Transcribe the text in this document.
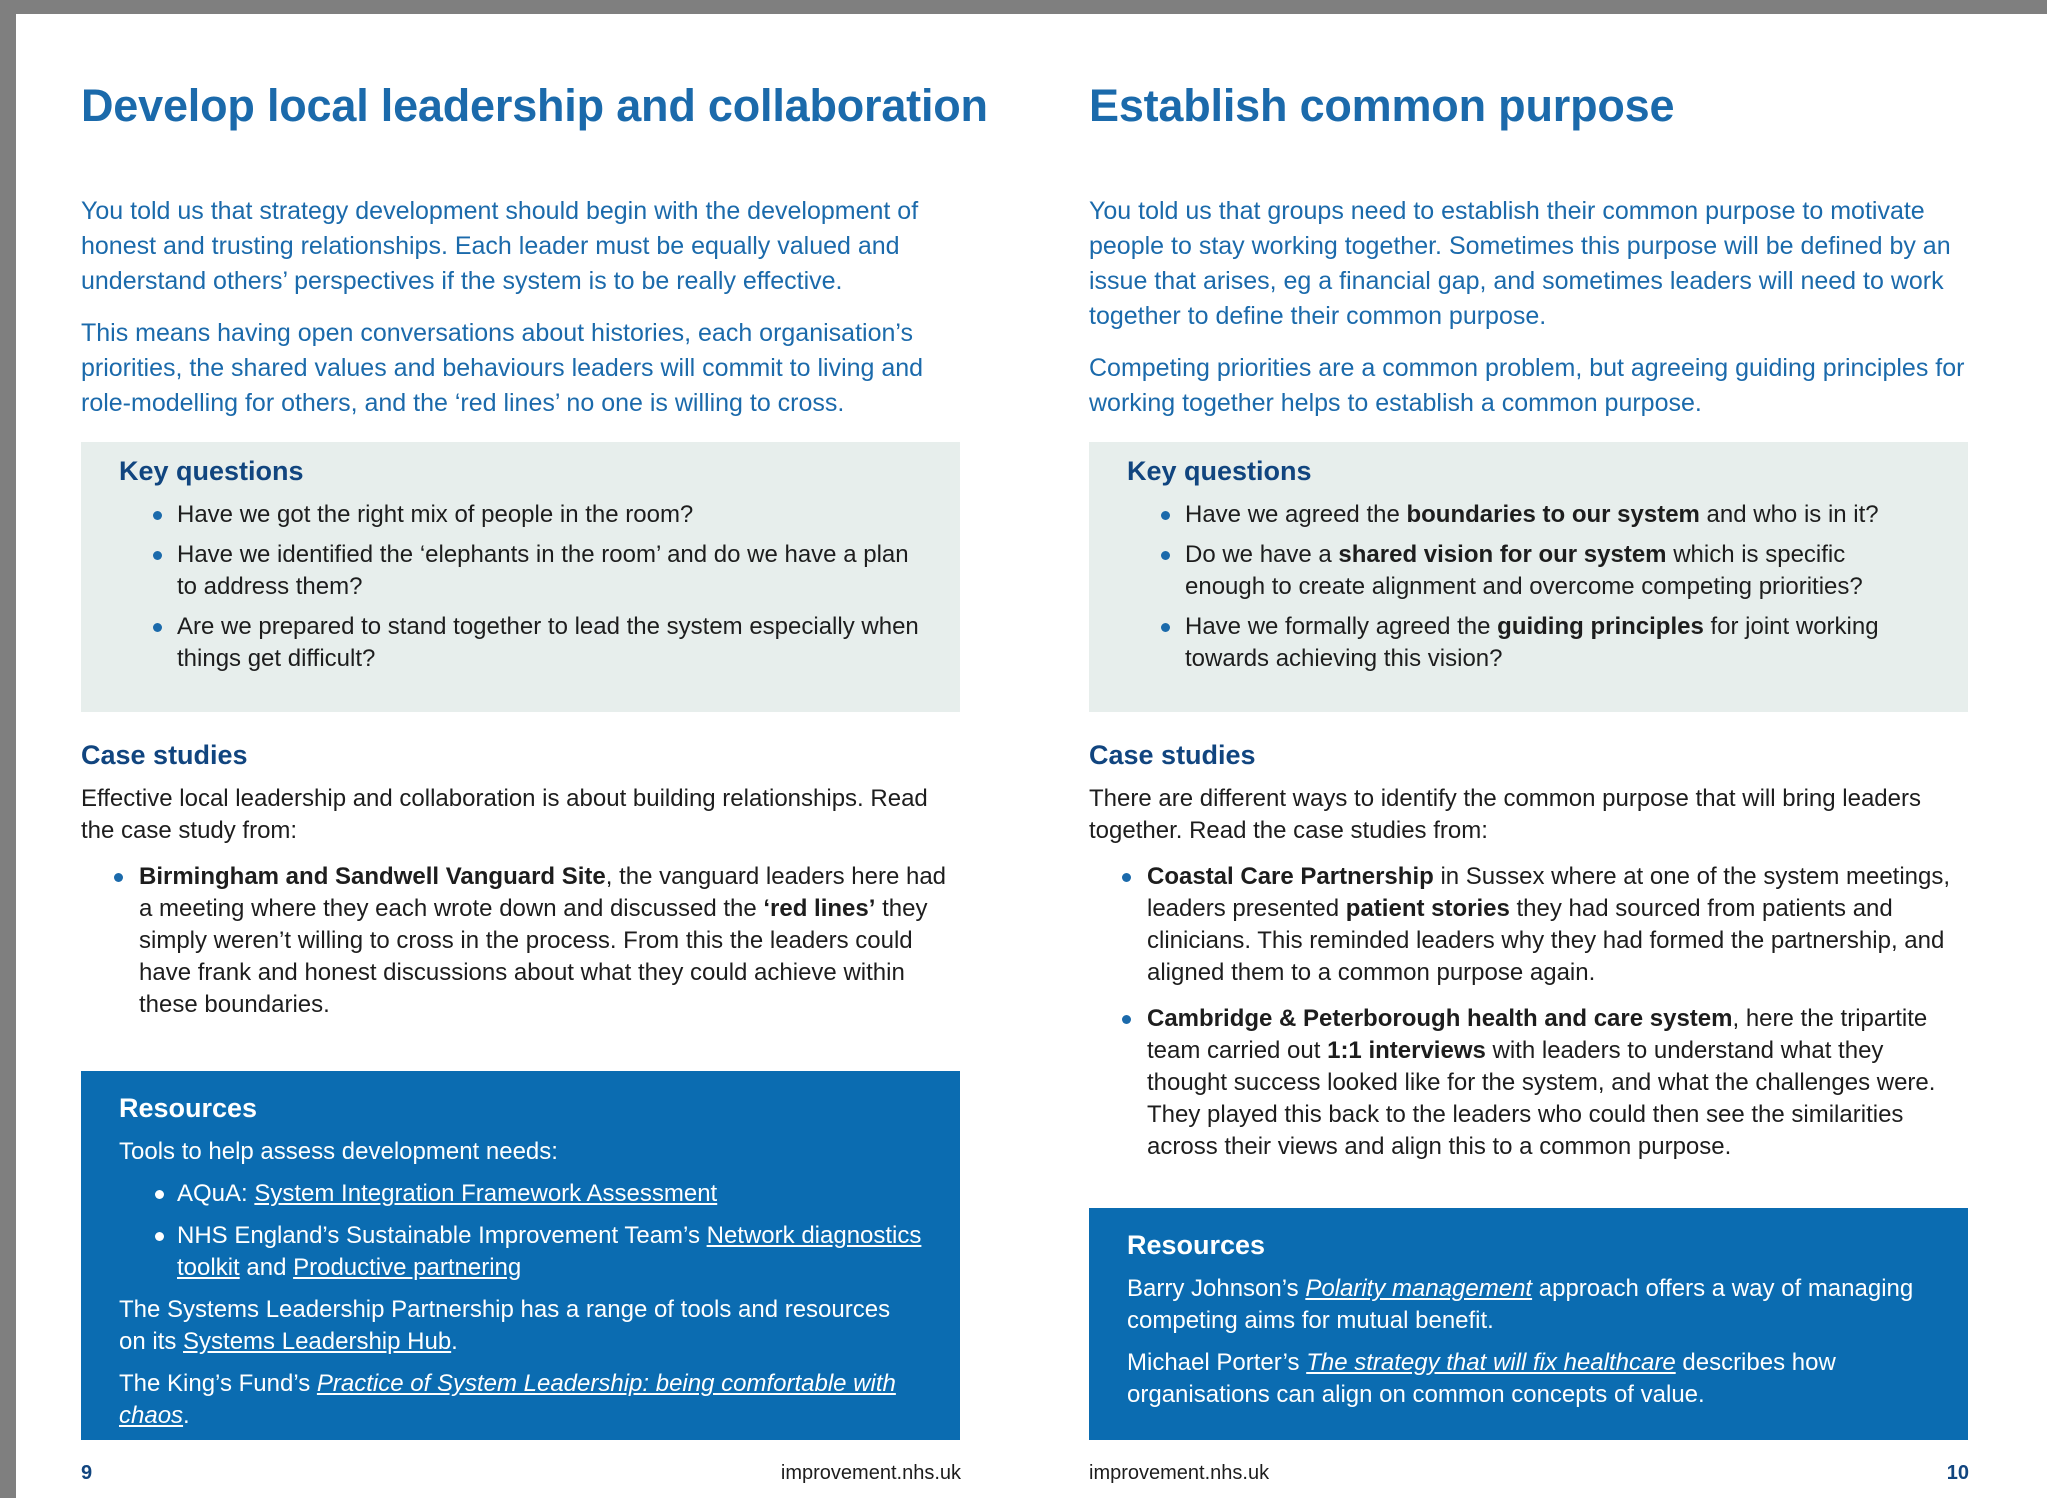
Develop local leadership and collaboration

You told us that strategy development should begin with the development of honest and trusting relationships. Each leader must be equally valued and understand others’ perspectives if the system is to be really effective.

This means having open conversations about histories, each organisation’s priorities, the shared values and behaviours leaders will commit to living and role-modelling for others, and the ‘red lines’ no one is willing to cross.

Key questions
Have we got the right mix of people in the room?
Have we identified the ‘elephants in the room’ and do we have a plan to address them?
Are we prepared to stand together to lead the system especially when things get difficult?
Case studies

Effective local leadership and collaboration is about building relationships. Read the case study from:

Birmingham and Sandwell Vanguard Site, the vanguard leaders here had a meeting where they each wrote down and discussed the ‘red lines’ they simply weren’t willing to cross in the process. From this the leaders could have frank and honest discussions about what they could achieve within these boundaries.
Resources

Tools to help assess development needs:

AQuA: System Integration Framework Assessment
NHS England’s Sustainable Improvement Team’s Network diagnostics toolkit and Productive partnering

The Systems Leadership Partnership has a range of tools and resources on its Systems Leadership Hub.

The King’s Fund’s Practice of System Leadership: being comfortable with chaos.

9	improvement.nhs.uk
Establish common purpose

You told us that groups need to establish their common purpose to motivate people to stay working together. Sometimes this purpose will be defined by an issue that arises, eg a financial gap, and sometimes leaders will need to work together to define their common purpose.

Competing priorities are a common problem, but agreeing guiding principles for working together helps to establish a common purpose.

Key questions
Have we agreed the boundaries to our system and who is in it?
Do we have a shared vision for our system which is specific enough to create alignment and overcome competing priorities?
Have we formally agreed the guiding principles for joint working towards achieving this vision?
Case studies

There are different ways to identify the common purpose that will bring leaders together. Read the case studies from:

Coastal Care Partnership in Sussex where at one of the system meetings, leaders presented patient stories they had sourced from patients and clinicians. This reminded leaders why they had formed the partnership, and aligned them to a common purpose again.
Cambridge & Peterborough health and care system, here the tripartite team carried out 1:1 interviews with leaders to understand what they thought success looked like for the system, and what the challenges were. They played this back to the leaders who could then see the similarities across their views and align this to a common purpose.
Resources

Barry Johnson’s Polarity management approach offers a way of managing competing aims for mutual benefit.

Michael Porter’s The strategy that will fix healthcare describes how organisations can align on common concepts of value.

improvement.nhs.uk	10
